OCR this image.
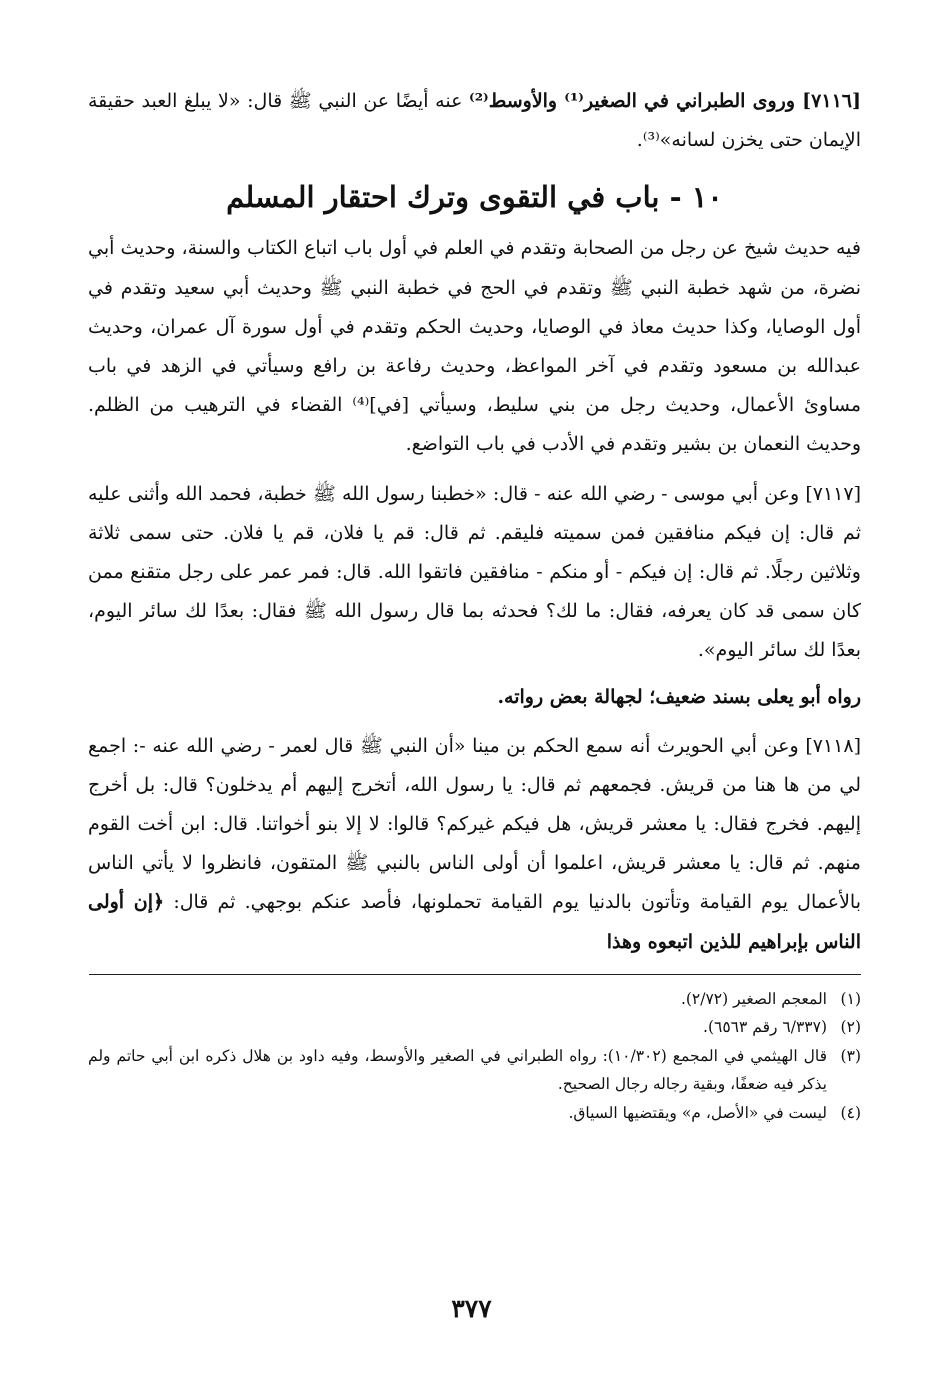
[٧١١٦] وروى الطبراني في الصغير⁽¹⁾ والأوسط⁽²⁾ عنه أيضًا عن النبي ﷺ قال: «لا يبلغ العبد حقيقة الإيمان حتى يخزن لسانه»⁽³⁾.

١٠ - باب في التقوى وترك احتقار المسلم

فيه حديث شيخ عن رجل من الصحابة وتقدم في العلم في أول باب اتباع الكتاب والسنة، وحديث أبي نضرة، من شهد خطبة النبي ﷺ وتقدم في الحج في خطبة النبي ﷺ وحديث أبي سعيد وتقدم في أول الوصايا، وكذا حديث معاذ في الوصايا، وحديث الحكم وتقدم في أول سورة آل عمران، وحديث عبدالله بن مسعود وتقدم في آخر المواعظ، وحديث رفاعة بن رافع وسيأتي في الزهد في باب مساوئ الأعمال، وحديث رجل من بني سليط، وسيأتي [في]⁽⁴⁾ القضاء في الترهيب من الظلم. وحديث النعمان بن بشير وتقدم في الأدب في باب التواضع.

[٧١١٧] وعن أبي موسى - رضي الله عنه - قال: «خطبنا رسول الله ﷺ خطبة، فحمد الله وأثنى عليه ثم قال: إن فيكم منافقين فمن سميته فليقم. ثم قال: قم يا فلان، قم يا فلان. حتى سمى ثلاثة وثلاثين رجلًا. ثم قال: إن فيكم - أو منكم - منافقين فاتقوا الله. قال: فمر عمر على رجل متقنع ممن كان سمى قد كان يعرفه، فقال: ما لك؟ فحدثه بما قال رسول الله ﷺ فقال: بعدًا لك سائر اليوم، بعدًا لك سائر اليوم».

رواه أبو يعلى بسند ضعيف؛ لجهالة بعض رواته.

[٧١١٨] وعن أبي الحويرث أنه سمع الحكم بن مينا «أن النبي ﷺ قال لعمر - رضي الله عنه -: اجمع لي من ها هنا من قريش. فجمعهم ثم قال: يا رسول الله، أتخرج إليهم أم يدخلون؟ قال: بل أخرج إليهم. فخرج فقال: يا معشر قريش، هل فيكم غيركم؟ قالوا: لا إلا بنو أخواتنا. قال: ابن أخت القوم منهم. ثم قال: يا معشر قريش، اعلموا أن أولى الناس بالنبي ﷺ المتقون، فانظروا لا يأتي الناس بالأعمال يوم القيامة وتأتون بالدنيا يوم القيامة تحملونها، فأصد عنكم بوجهي. ثم قال: ﴿إن أولى الناس بإبراهيم للذين اتبعوه وهذا

(١)
المعجم الصغير (٢/٧٢).

(٢)
(٦/٣٣٧ رقم ٦٥٦٣).

(٣)
قال الهيثمي في المجمع (١٠/٣٠٢): رواه الطبراني في الصغير والأوسط، وفيه داود بن هلال ذكره ابن أبي حاتم ولم يذكر فيه ضعفًا، وبقية رجاله رجال الصحيح.

(٤)
ليست في «الأصل، م» ويقتضيها السياق.

٣٧٧
